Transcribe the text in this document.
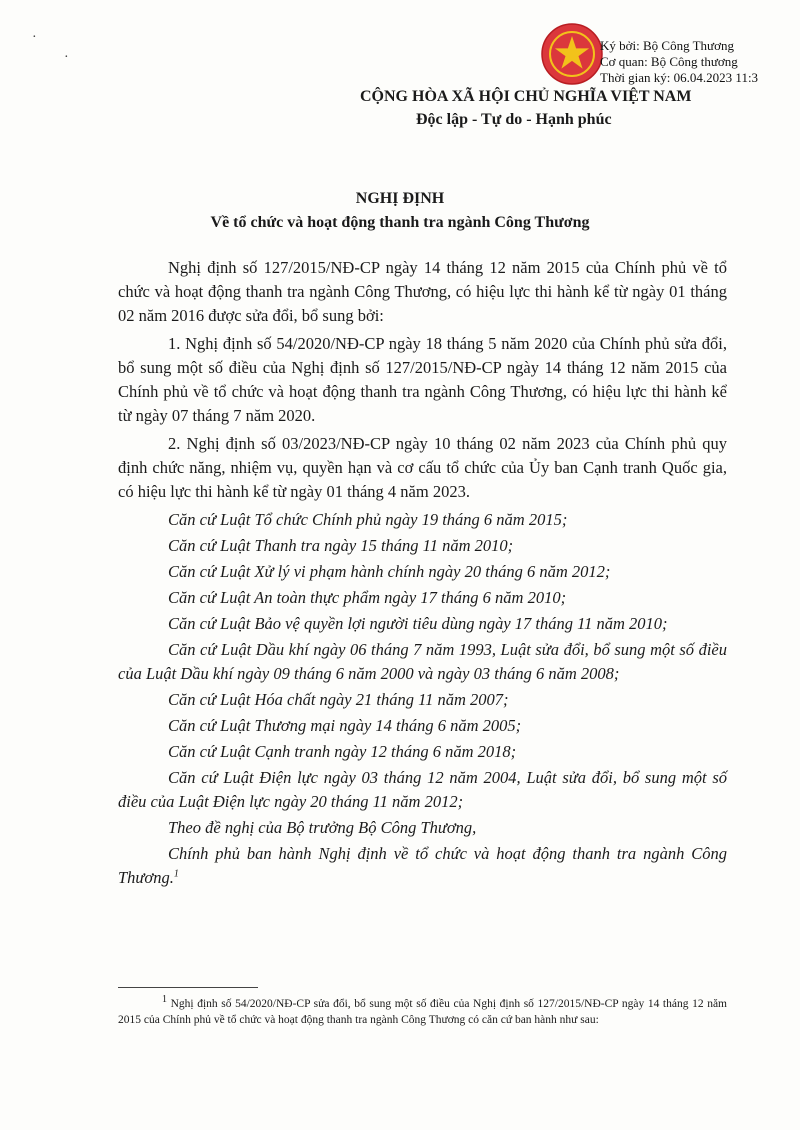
·
·
Ký bởi: Bộ Công Thương
Cơ quan: Bộ Công thương
Thời gian ký: 06.04.2023 11:3
CỘNG HÒA XÃ HỘI CHỦ NGHĨA VIỆT NAM
Độc lập - Tự do - Hạnh phúc
NGHỊ ĐỊNH
Về tổ chức và hoạt động thanh tra ngành Công Thương

Nghị định số 127/2015/NĐ-CP ngày 14 tháng 12 năm 2015 của Chính phủ về tổ chức và hoạt động thanh tra ngành Công Thương, có hiệu lực thi hành kể từ ngày 01 tháng 02 năm 2016 được sửa đổi, bổ sung bởi:

1. Nghị định số 54/2020/NĐ-CP ngày 18 tháng 5 năm 2020 của Chính phủ sửa đổi, bổ sung một số điều của Nghị định số 127/2015/NĐ-CP ngày 14 tháng 12 năm 2015 của Chính phủ về tổ chức và hoạt động thanh tra ngành Công Thương, có hiệu lực thi hành kể từ ngày 07 tháng 7 năm 2020.

2. Nghị định số 03/2023/NĐ-CP ngày 10 tháng 02 năm 2023 của Chính phủ quy định chức năng, nhiệm vụ, quyền hạn và cơ cấu tổ chức của Ủy ban Cạnh tranh Quốc gia, có hiệu lực thi hành kể từ ngày 01 tháng 4 năm 2023.

Căn cứ Luật Tổ chức Chính phủ ngày 19 tháng 6 năm 2015;

Căn cứ Luật Thanh tra ngày 15 tháng 11 năm 2010;

Căn cứ Luật Xử lý vi phạm hành chính ngày 20 tháng 6 năm 2012;

Căn cứ Luật An toàn thực phẩm ngày 17 tháng 6 năm 2010;

Căn cứ Luật Bảo vệ quyền lợi người tiêu dùng ngày 17 tháng 11 năm 2010;

Căn cứ Luật Dầu khí ngày 06 tháng 7 năm 1993, Luật sửa đổi, bổ sung một số điều của Luật Dầu khí ngày 09 tháng 6 năm 2000 và ngày 03 tháng 6 năm 2008;

Căn cứ Luật Hóa chất ngày 21 tháng 11 năm 2007;

Căn cứ Luật Thương mại ngày 14 tháng 6 năm 2005;

Căn cứ Luật Cạnh tranh ngày 12 tháng 6 năm 2018;

Căn cứ Luật Điện lực ngày 03 tháng 12 năm 2004, Luật sửa đổi, bổ sung một số điều của Luật Điện lực ngày 20 tháng 11 năm 2012;

Theo đề nghị của Bộ trưởng Bộ Công Thương,

Chính phủ ban hành Nghị định về tổ chức và hoạt động thanh tra ngành Công Thương.$^1$

$^1$ Nghị định số 54/2020/NĐ-CP sửa đổi, bổ sung một số điều của Nghị định số 127/2015/NĐ-CP ngày 14 tháng 12 năm 2015 của Chính phủ về tổ chức và hoạt động thanh tra ngành Công Thương có căn cứ ban hành như sau:
